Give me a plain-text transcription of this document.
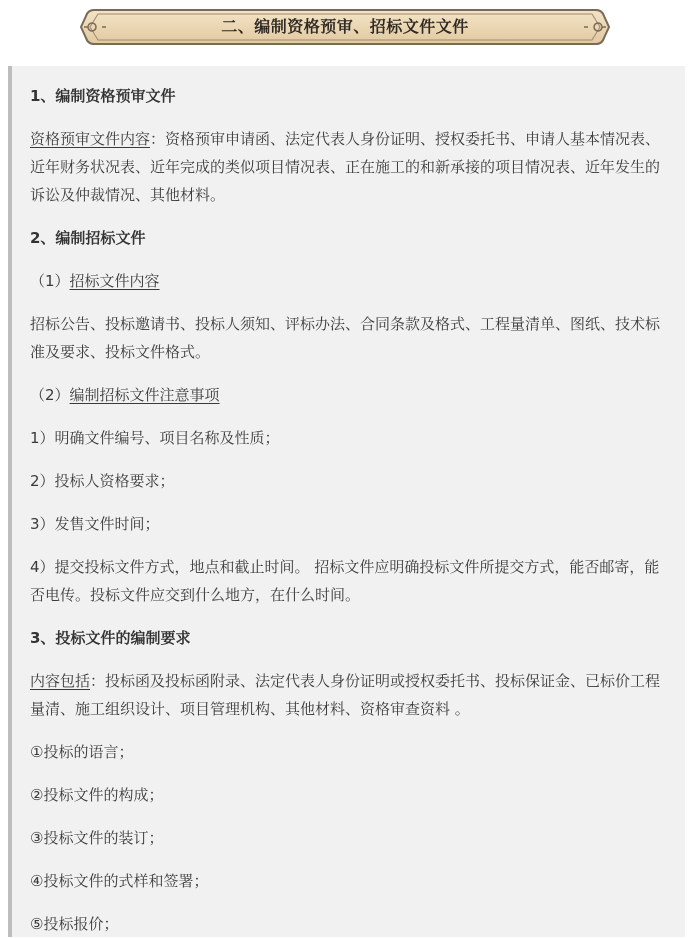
二、编制资格预审、招标文件文件

1、编制资格预审文件

资格预审文件内容：资格预审申请函、法定代表人身份证明、授权委托书、申请人基本情况表、近年财务状况表、近年完成的类似项目情况表、正在施工的和新承接的项目情况表、近年发生的诉讼及仲裁情况、其他材料。

2、编制招标文件

（1）招标文件内容

招标公告、投标邀请书、投标人须知、评标办法、合同条款及格式、工程量清单、图纸、技术标准及要求、投标文件格式。

（2）编制招标文件注意事项

1）明确文件编号、项目名称及性质；

2）投标人资格要求；

3）发售文件时间；

4）提交投标文件方式，地点和截止时间。 招标文件应明确投标文件所提交方式，能否邮寄，能否电传。投标文件应交到什么地方，在什么时间。

3、投标文件的编制要求

内容包括：投标函及投标函附录、法定代表人身份证明或授权委托书、投标保证金、已标价工程量清、施工组织设计、项目管理机构、其他材料、资格审查资料 。

①投标的语言；

②投标文件的构成；

③投标文件的装订；

④投标文件的式样和签署；

⑤投标报价；
